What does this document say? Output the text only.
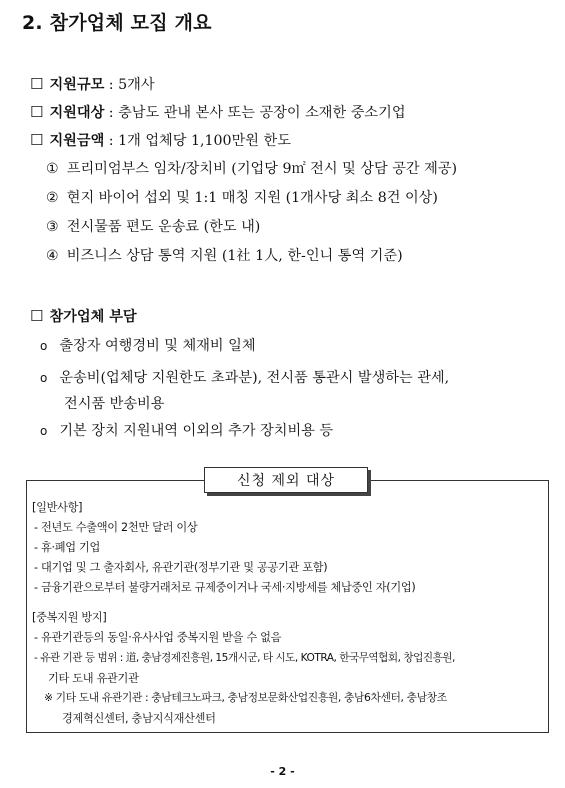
2. 참가업체 모집 개요
☐ 지원규모 : 5개사
☐ 지원대상 : 충남도 관내 본사 또는 공장이 소재한 중소기업
☐ 지원금액 : 1개 업체당 1,100만원 한도
① 프리미엄부스 임차/장치비 (기업당 9㎡ 전시 및 상담 공간 제공)
② 현지 바이어 섭외 및 1:1 매칭 지원 (1개사당 최소 8건 이상)
③ 전시물품 편도 운송료 (한도 내)
④ 비즈니스 상담 통역 지원 (1社 1人, 한-인니 통역 기준)
☐ 참가업체 부담
o 출장자 여행경비 및 체재비 일체
o 운송비(업체당 지원한도 초과분), 전시품 통관시 발생하는 관세,
전시품 반송비용
o 기본 장치 지원내역 이외의 추가 장치비용 등
신청 제외 대상
[일반사항]
- 전년도 수출액이 2천만 달러 이상
- 휴·폐업 기업
- 대기업 및 그 출자회사, 유관기관(정부기관 및 공공기관 포함)
- 금융기관으로부터 불량거래처로 규제중이거나 국세·지방세를 체납중인 자(기업)
[중복지원 방지]
- 유관기관등의 동일·유사사업 중복지원 받을 수 없음
- 유관 기관 등 범위 : 道, 충남경제진흥원, 15개시군, 타 시도, KOTRA, 한국무역협회, 창업진흥원,
기타 도내 유관기관
※ 기타 도내 유관기관 : 충남테크노파크, 충남정보문화산업진흥원, 충남6차센터, 충남창조
경제혁신센터, 충남지식재산센터
- 2 -
